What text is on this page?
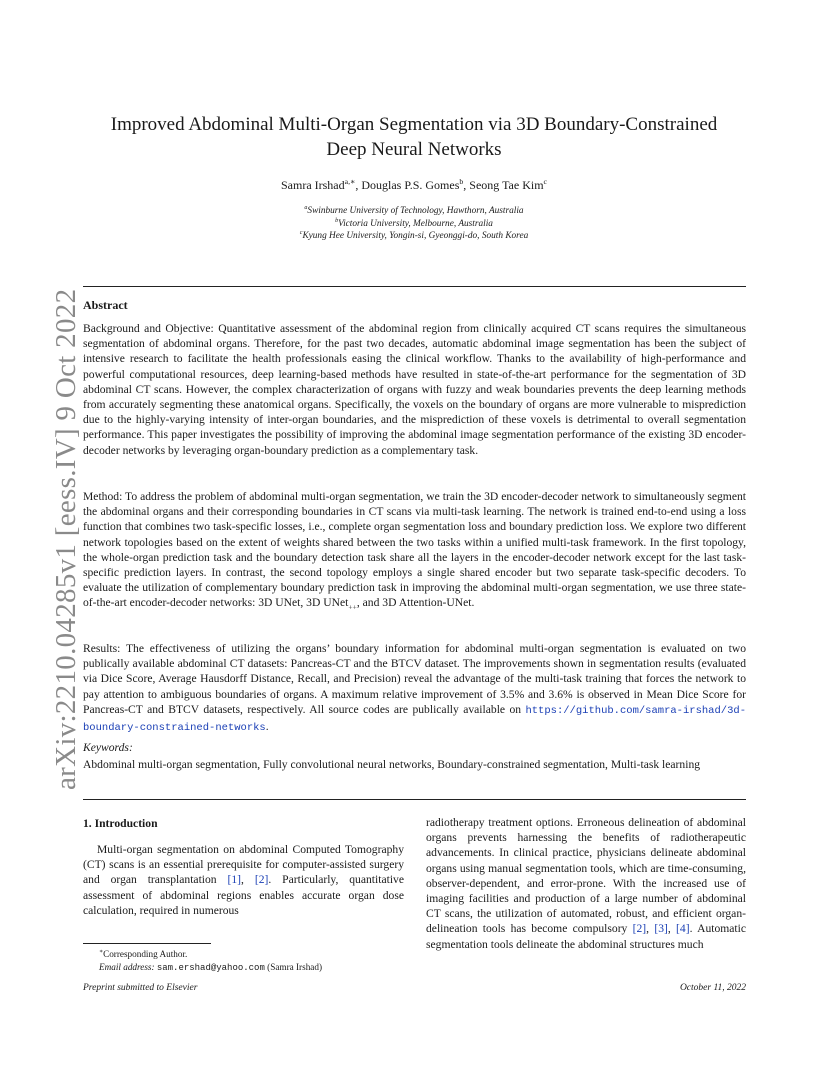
arXiv:2210.04285v1 [eess.IV] 9 Oct 2022
Improved Abdominal Multi-Organ Segmentation via 3D Boundary-Constrained Deep Neural Networks
Samra Irshad$^{a,∗}$, Douglas P.S. Gomes$^b$, Seong Tae Kim$^c$
$^a$Swinburne University of Technology, Hawthorn, Australia
$^b$Victoria University, Melbourne, Australia
$^c$Kyung Hee University, Yongin-si, Gyeonggi-do, South Korea
Abstract
Background and Objective: Quantitative assessment of the abdominal region from clinically acquired CT scans requires the simultaneous segmentation of abdominal organs. Therefore, for the past two decades, automatic abdominal image segmentation has been the subject of intensive research to facilitate the health professionals easing the clinical workflow. Thanks to the availability of high-performance and powerful computational resources, deep learning-based methods have resulted in state-of-the-art performance for the segmentation of 3D abdominal CT scans. However, the complex characterization of organs with fuzzy and weak boundaries prevents the deep learning methods from accurately segmenting these anatomical organs. Specifically, the voxels on the boundary of organs are more vulnerable to misprediction due to the highly-varying intensity of inter-organ boundaries, and the misprediction of these voxels is detrimental to overall segmentation performance. This paper investigates the possibility of improving the abdominal image segmentation performance of the existing 3D encoder-decoder networks by leveraging organ-boundary prediction as a complementary task.
Method: To address the problem of abdominal multi-organ segmentation, we train the 3D encoder-decoder network to simultaneously segment the abdominal organs and their corresponding boundaries in CT scans via multi-task learning. The network is trained end-to-end using a loss function that combines two task-specific losses, i.e., complete organ segmentation loss and boundary prediction loss. We explore two different network topologies based on the extent of weights shared between the two tasks within a unified multi-task framework. In the first topology, the whole-organ prediction task and the boundary detection task share all the layers in the encoder-decoder network except for the last task-specific prediction layers. In contrast, the second topology employs a single shared encoder but two separate task-specific decoders. To evaluate the utilization of complementary boundary prediction task in improving the abdominal multi-organ segmentation, we use three state-of-the-art encoder-decoder networks: 3D UNet, 3D UNet$_{++}$, and 3D Attention-UNet.
Results: The effectiveness of utilizing the organs’ boundary information for abdominal multi-organ segmentation is evaluated on two publically available abdominal CT datasets: Pancreas-CT and the BTCV dataset. The improvements shown in segmentation results (evaluated via Dice Score, Average Hausdorff Distance, Recall, and Precision) reveal the advantage of the multi-task training that forces the network to pay attention to ambiguous boundaries of organs. A maximum relative improvement of 3.5% and 3.6% is observed in Mean Dice Score for Pancreas-CT and BTCV datasets, respectively. All source codes are publically available on https://github.com/samra-irshad/3d-boundary-constrained-networks.
Keywords:
Abdominal multi-organ segmentation, Fully convolutional neural networks, Boundary-constrained segmentation, Multi-task learning
1. Introduction
Multi-organ segmentation on abdominal Computed Tomography (CT) scans is an essential prerequisite for computer-assisted surgery and organ transplantation [1], [2]. Particularly, quantitative assessment of abdominal regions enables accurate organ dose calculation, required in numerous
radiotherapy treatment options. Erroneous delineation of abdominal organs prevents harnessing the benefits of radiotherapeutic advancements. In clinical practice, physicians delineate abdominal organs using manual segmentation tools, which are time-consuming, observer-dependent, and error-prone. With the increased use of imaging facilities and production of a large number of abdominal CT scans, the utilization of automated, robust, and efficient organ-delineation tools has become compulsory [2], [3], [4]. Automatic segmentation tools delineate the abdominal structures much
∗Corresponding Author.
Email address: sam.ershad@yahoo.com (Samra Irshad)
Preprint submitted to Elsevier	October 11, 2022
